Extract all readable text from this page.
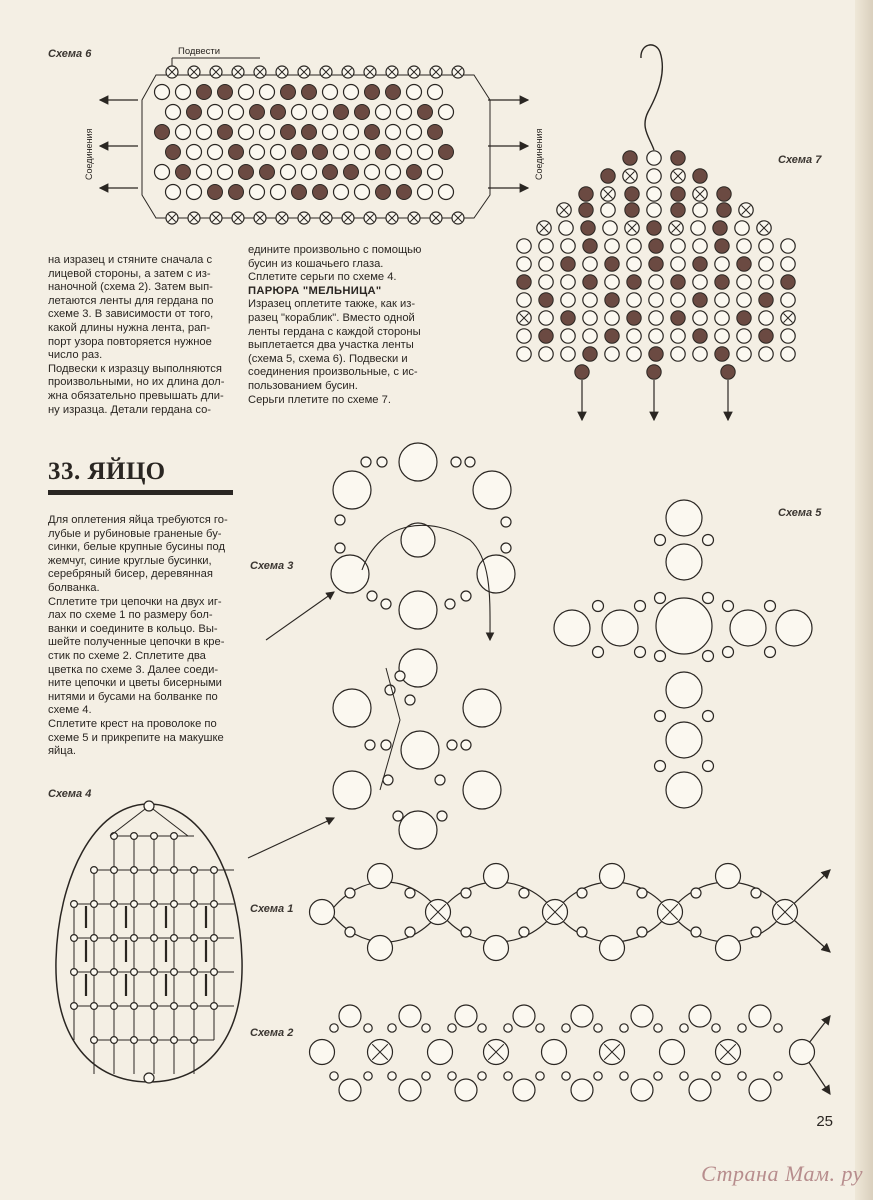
Схема 6
Схема 7
Схема 3
Схема 5
Схема 4
Схема 1
Схема 2
Подвести
Соединения	Соединения

на изразец и стяните сначала с

лицевой стороны, а затем с из-

наночной (схема 2). Затем вып-

летаются ленты для гердана по

схеме 3. В зависимости от того,

какой длины нужна лента, рап-

порт узора повторяется нужное

число раз.

Подвески к изразцу выполняются

произвольными, но их длина дол-

жна обязательно превышать дли-

ну изразца. Детали гердана со-

едините произвольно с помощью

бусин из кошачьего глаза.

Сплетите серьги по схеме 4.

ПАРЮРА "МЕЛЬНИЦА"

Изразец оплетите также, как из-

разец "кораблик". Вместо одной

ленты гердана с каждой стороны

выплетается два участка ленты

(схема 5, схема 6). Подвески и

соединения произвольные, с ис-

пользованием бусин.

Серьги плетите по схеме 7.

33. ЯЙЦО

Для оплетения яйца требуются го-

лубые и рубиновые граненые бу-

синки, белые крупные бусины под

жемчуг, синие круглые бусинки,

серебряный бисер, деревянная

болванка.

Сплетите три цепочки на двух иг-

лах по схеме 1 по размеру бол-

ванки и соедините в кольцо. Вы-

шейте полученные цепочки в кре-

стик по схеме 2. Сплетите два

цветка по схеме 3. Далее соеди-

ните цепочки и цветы бисерными

нитями и бусами на болванке по

схеме 4.

Сплетите крест на проволоке по

схеме 5 и прикрепите на макушке

яйца.

25
Страна Мам. ру
